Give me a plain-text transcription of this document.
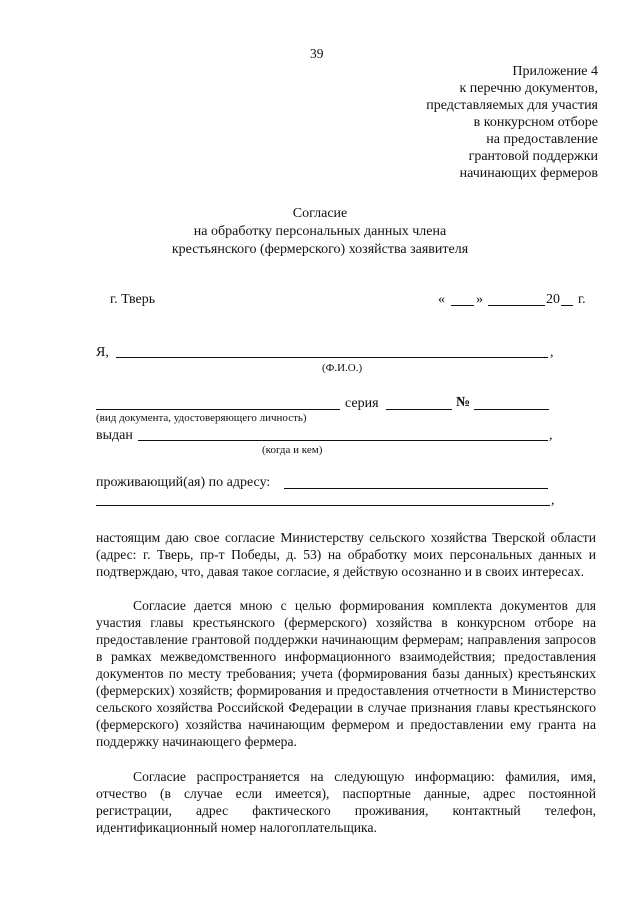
39
Приложение 4
к перечню документов,
представляемых для участия
в конкурсном отборе
на предоставление
грантовой поддержки
начинающих фермеров
Согласие
на обработку персональных данных члена
крестьянского (фермерского) хозяйства заявителя
г. Тверь	« »	20 г.
Я,	,
(Ф.И.О.)
серия	№
(вид документа, удостоверяющего личность)
выдан	,
(когда и кем)
проживающий(ая) по адресу:
,
настоящим даю свое согласие Министерству сельского хозяйства Тверской области (адрес: г. Тверь, пр-т Победы, д. 53) на обработку моих персональных данных и подтверждаю, что, давая такое согласие, я действую осознанно и в своих интересах.
Согласие дается мною с целью формирования комплекта документов для участия главы крестьянского (фермерского) хозяйства в конкурсном отборе на предоставление грантовой поддержки начинающим фермерам; направления запросов в рамках межведомственного информационного взаимодействия; предоставления документов по месту требования; учета (формирования базы данных) крестьянских (фермерских) хозяйств; формирования и предоставления отчетности в Министерство сельского хозяйства Российской Федерации в случае признания главы крестьянского (фермерского) хозяйства начинающим фермером и предоставлении ему гранта на поддержку начинающего фермера.
Согласие распространяется на следующую информацию: фамилия, имя, отчество (в случае если имеется), паспортные данные, адрес постоянной регистрации, адрес фактического проживания, контактный телефон, идентификационный номер налогоплательщика.
